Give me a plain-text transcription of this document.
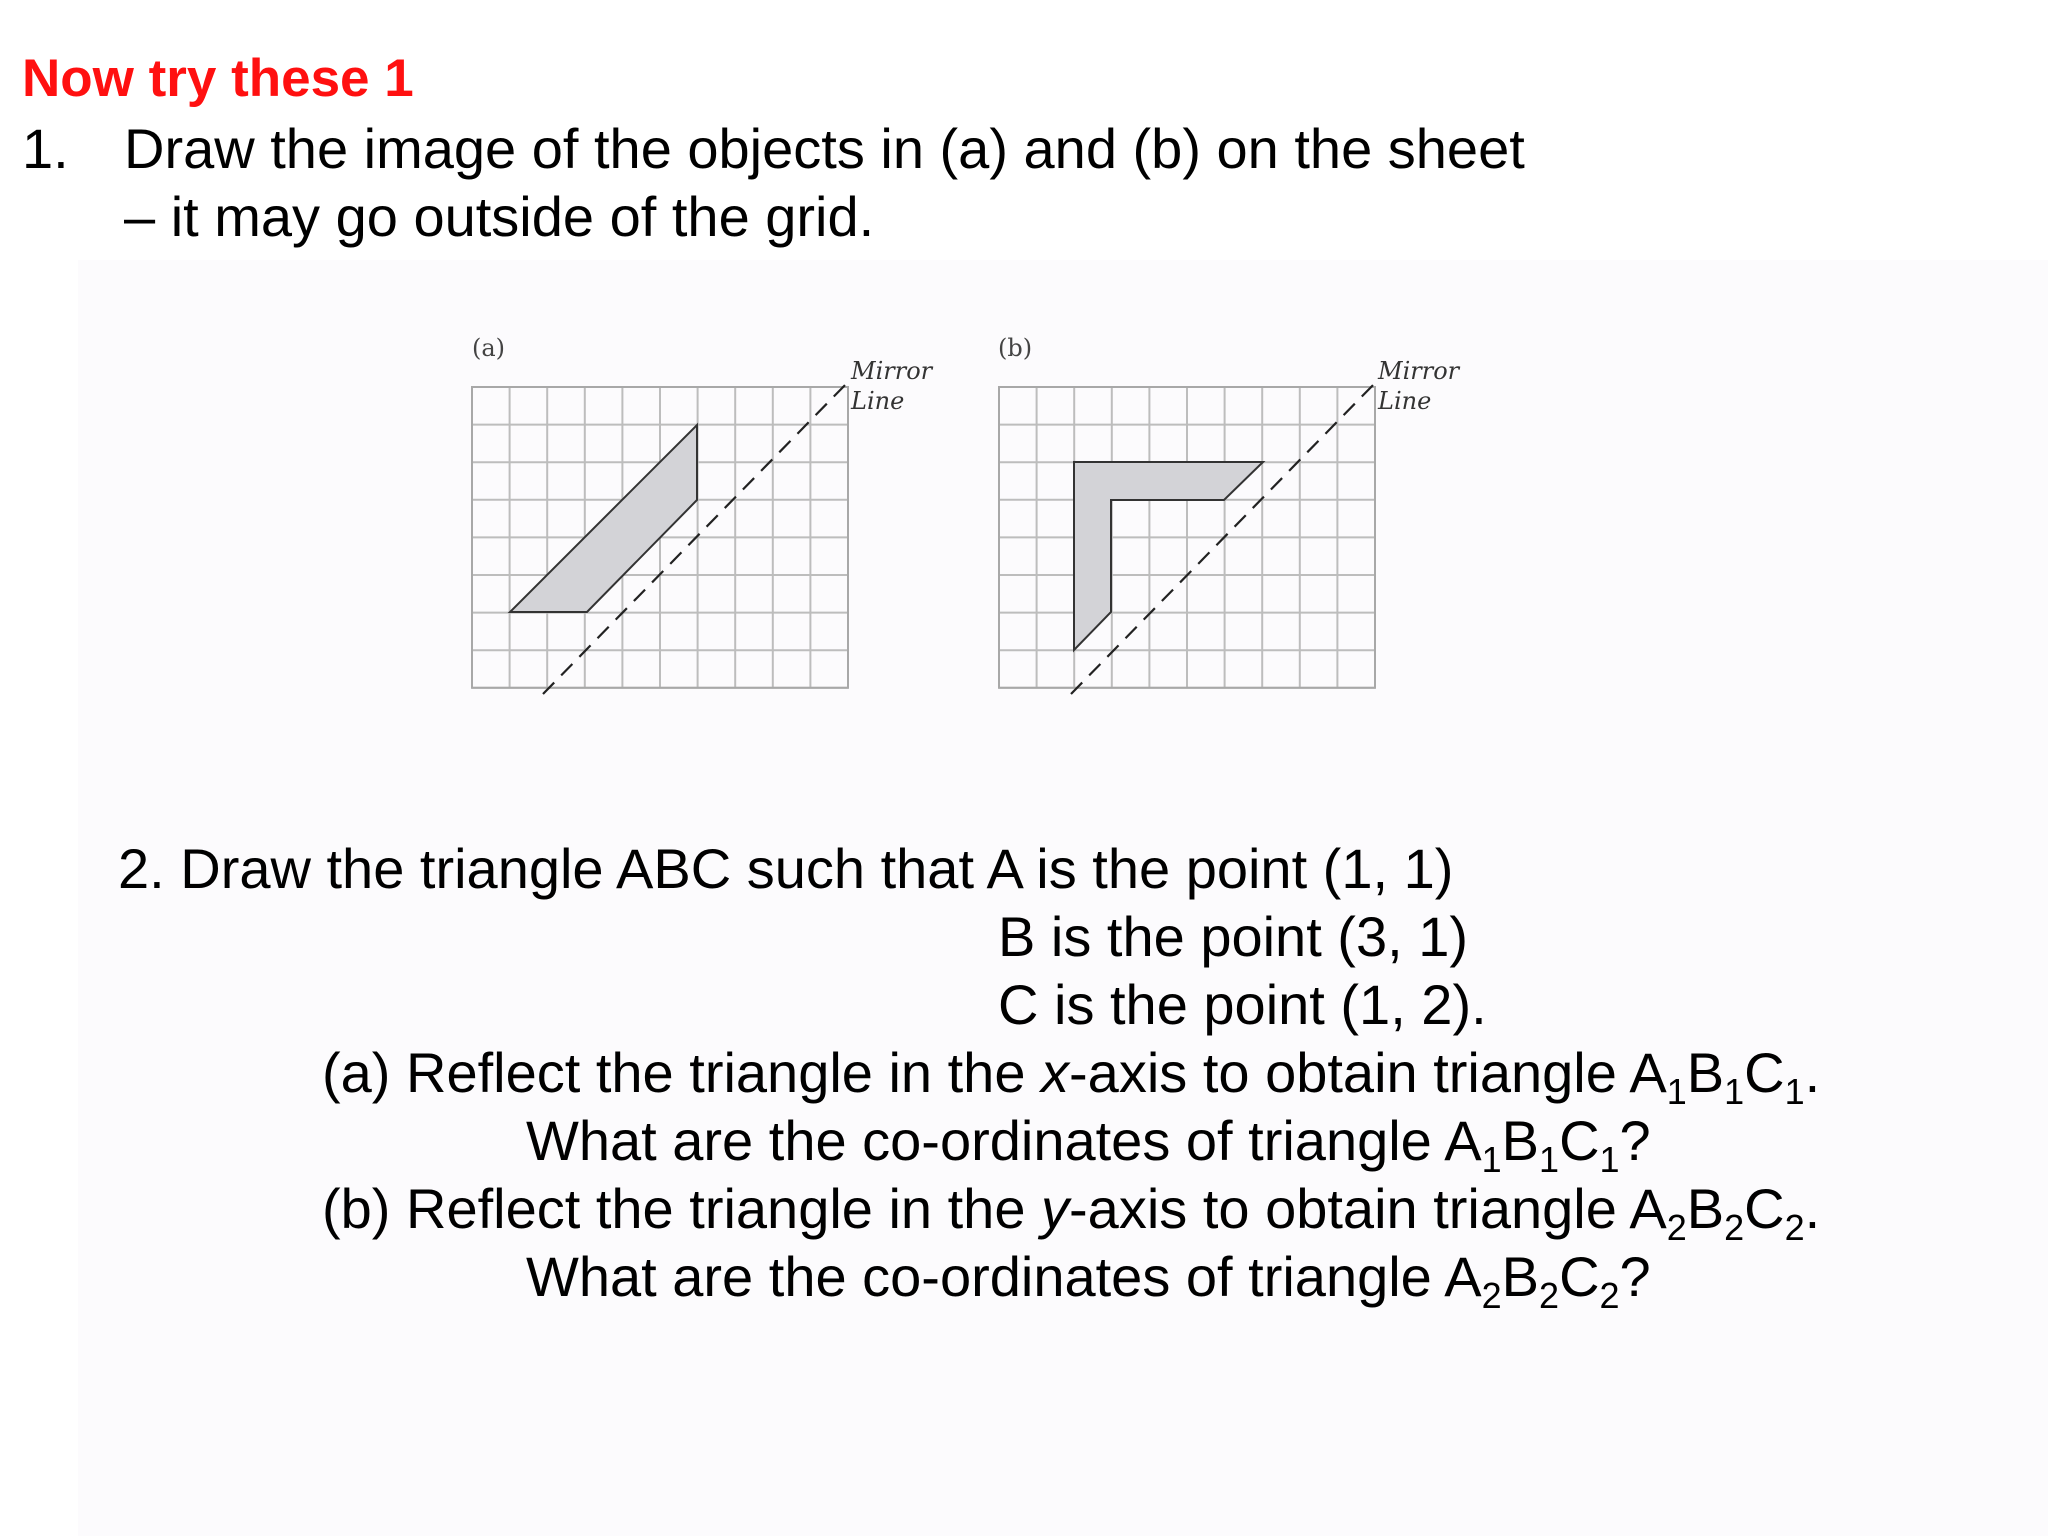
Now try these 1
1. Draw the image of the objects in (a) and (b) on the sheet
– it may go outside of the grid.
(a)
Mirror
Line
(b)
Mirror
Line
2. Draw the triangle ABC such that A is the point (1, 1)
B is the point (3, 1)
C is the point (1, 2).
(a) Reflect the triangle in the x-axis to obtain triangle $A_1B_1C_1$.
What are the co-ordinates of triangle $A_1B_1C_1$?
(b) Reflect the triangle in the y-axis to obtain triangle $A_2B_2C_2$.
What are the co-ordinates of triangle $A_2B_2C_2$?
